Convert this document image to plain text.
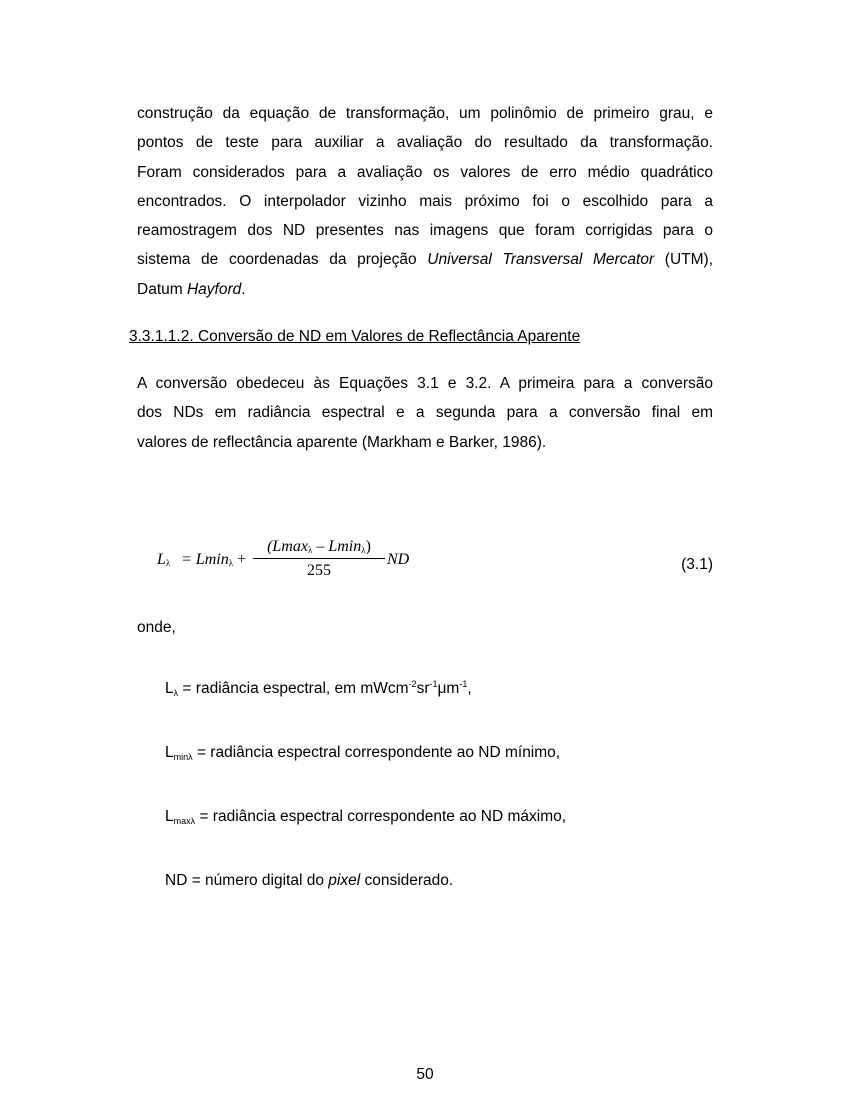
construção da equação de transformação, um polinômio de primeiro grau, e
pontos de teste para auxiliar a avaliação do resultado da transformação.
Foram considerados para a avaliação os valores de erro médio quadrático
encontrados. O interpolador vizinho mais próximo foi o escolhido para a
reamostragem dos ND presentes nas imagens que foram corrigidas para o
sistema de coordenadas da projeção Universal Transversal Mercator (UTM),
Datum Hayford.
3.3.1.1.2. Conversão de ND em Valores de Reflectância Aparente
A conversão obedeceu às Equações 3.1 e 3.2. A primeira para a conversão
dos NDs em radiância espectral e a segunda para a conversão final em
valores de reflectância aparente (Markham e Barker, 1986).
$L_\lambda = Lmin\lambda$ +
(Lmaxλ – Lminλ)
255
ND	(3.1)
onde,
Lλ = radiância espectral, em $mWcm^{-2}sr^{-1}\mu m^{-1}$,
Lminλ = radiância espectral correspondente ao ND mínimo,
Lmaxλ = radiância espectral correspondente ao ND máximo,
ND = número digital do pixel considerado.
50
